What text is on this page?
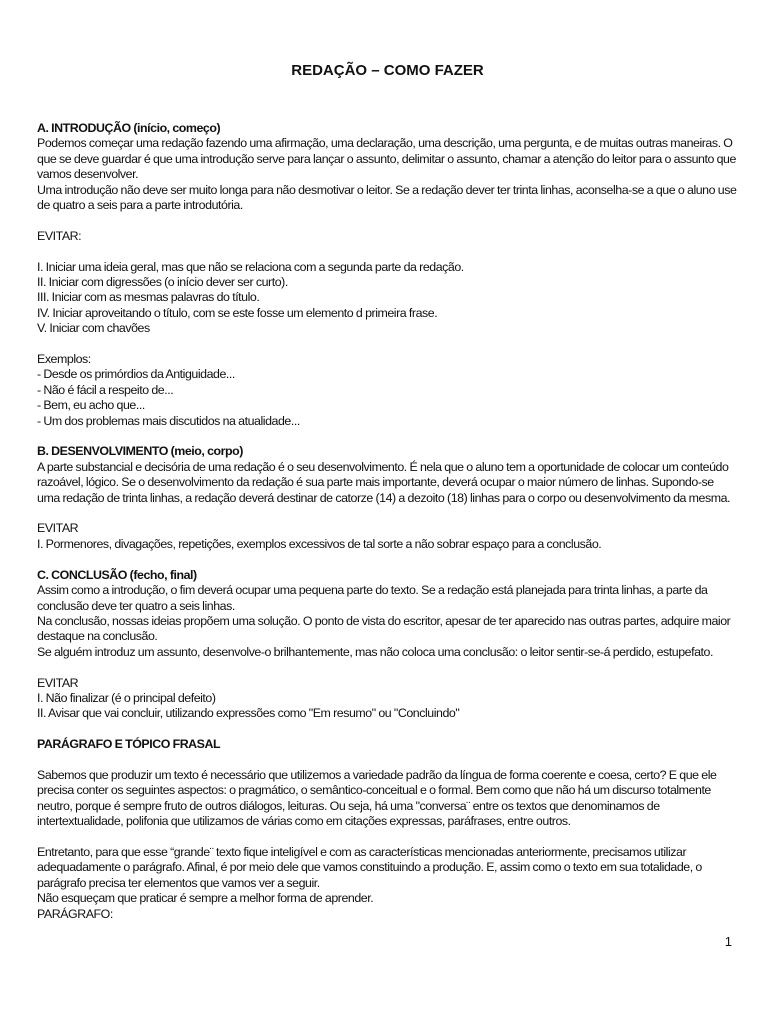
REDAÇÃO – COMO FAZER

A. INTRODUÇÃO (início, começo)

Podemos começar uma redação fazendo uma afirmação, uma declaração, uma descrição, uma pergunta, e de muitas outras maneiras. O que se deve guardar é que uma introdução serve para lançar o assunto, delimitar o assunto, chamar a atenção do leitor para o assunto que vamos desenvolver.

Uma introdução não deve ser muito longa para não desmotivar o leitor. Se a redação dever ter trinta linhas, aconselha-se a que o aluno use de quatro a seis para a parte introdutória.

EVITAR:

I. Iniciar uma ideia geral, mas que não se relaciona com a segunda parte da redação.

II. Iniciar com digressões (o início dever ser curto).

III. Iniciar com as mesmas palavras do título.

IV. Iniciar aproveitando o título, com se este fosse um elemento d primeira frase.

V. Iniciar com chavões

Exemplos:

- Desde os primórdios da Antiguidade...

- Não é fácil a respeito de...

- Bem, eu acho que...

- Um dos problemas mais discutidos na atualidade...

B. DESENVOLVIMENTO (meio, corpo)

A parte substancial e decisória de uma redação é o seu desenvolvimento. É nela que o aluno tem a oportunidade de colocar um conteúdo razoável, lógico. Se o desenvolvimento da redação é sua parte mais importante, deverá ocupar o maior número de linhas. Supondo-se uma redação de trinta linhas, a redação deverá destinar de catorze (14) a dezoito (18) linhas para o corpo ou desenvolvimento da mesma.

EVITAR

I. Pormenores, divagações, repetições, exemplos excessivos de tal sorte a não sobrar espaço para a conclusão.

C. CONCLUSÃO (fecho, final)

Assim como a introdução, o fim deverá ocupar uma pequena parte do texto. Se a redação está planejada para trinta linhas, a parte da conclusão deve ter quatro a seis linhas.

Na conclusão, nossas ideias propõem uma solução. O ponto de vista do escritor, apesar de ter aparecido nas outras partes, adquire maior destaque na conclusão.

Se alguém introduz um assunto, desenvolve-o brilhantemente, mas não coloca uma conclusão: o leitor sentir-se-á perdido, estupefato.

EVITAR

I. Não finalizar (é o principal defeito)

II. Avisar que vai concluir, utilizando expressões como "Em resumo" ou "Concluindo"

PARÁGRAFO E TÓPICO FRASAL

Sabemos que produzir um texto é necessário que utilizemos a variedade padrão da língua de forma coerente e coesa, certo? E que ele precisa conter os seguintes aspectos: o pragmático, o semântico-conceitual e o formal. Bem como que não há um discurso totalmente neutro, porque é sempre fruto de outros diálogos, leituras. Ou seja, há uma "conversa¨ entre os textos que denominamos de intertextualidade, polifonia que utilizamos de várias como em citações expressas, paráfrases, entre outros.

Entretanto, para que esse “grande¨ texto fique inteligível e com as características mencionadas anteriormente, precisamos utilizar adequadamente o parágrafo. Afinal, é por meio dele que vamos constituindo a produção. E, assim como o texto em sua totalidade, o parágrafo precisa ter elementos que vamos ver a seguir.

Não esqueçam que praticar é sempre a melhor forma de aprender.

PARÁGRAFO:

1
